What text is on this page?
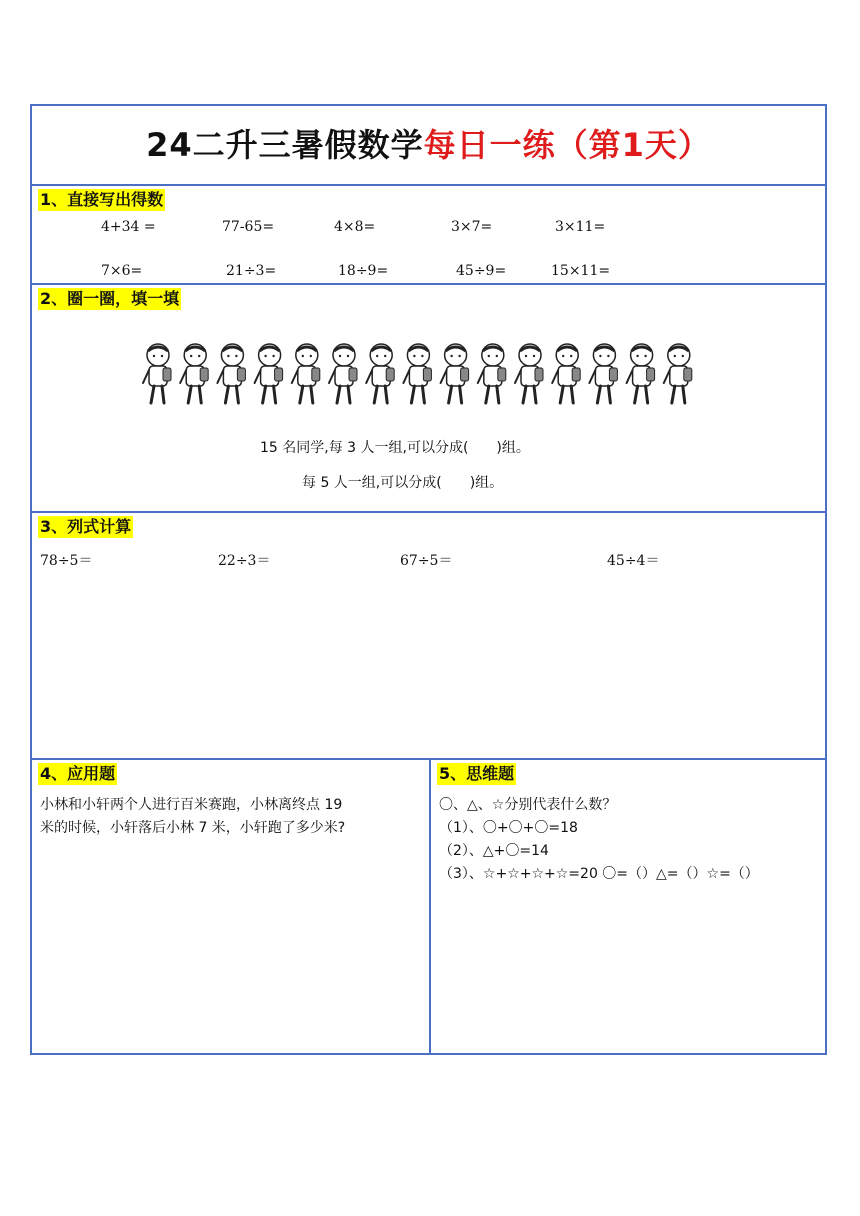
24二升三暑假数学每日一练（第1天）
1、直接写出得数
4+34 =	77-65=	4×8=	3×7=	3×11=
7×6=	21÷3=	18÷9=	45÷9=	15×11=
2、圈一圈，填一填
15 名同学,每 3 人一组,可以分成(　　)组。
每 5 人一组,可以分成(　　)组。
3、列式计算
78÷5＝	22÷3＝	67÷5＝	45÷4＝
4、应用题
小林和小轩两个人进行百米赛跑，小林离终点 19
米的时候，小轩落后小林 7 米，小轩跑了多少米?
5、思维题
〇、△、☆分别代表什么数？
（1）、〇+〇+〇=18
（2）、△+〇=14
（3）、☆+☆+☆+☆=20 〇=（）△=（）☆=（）
